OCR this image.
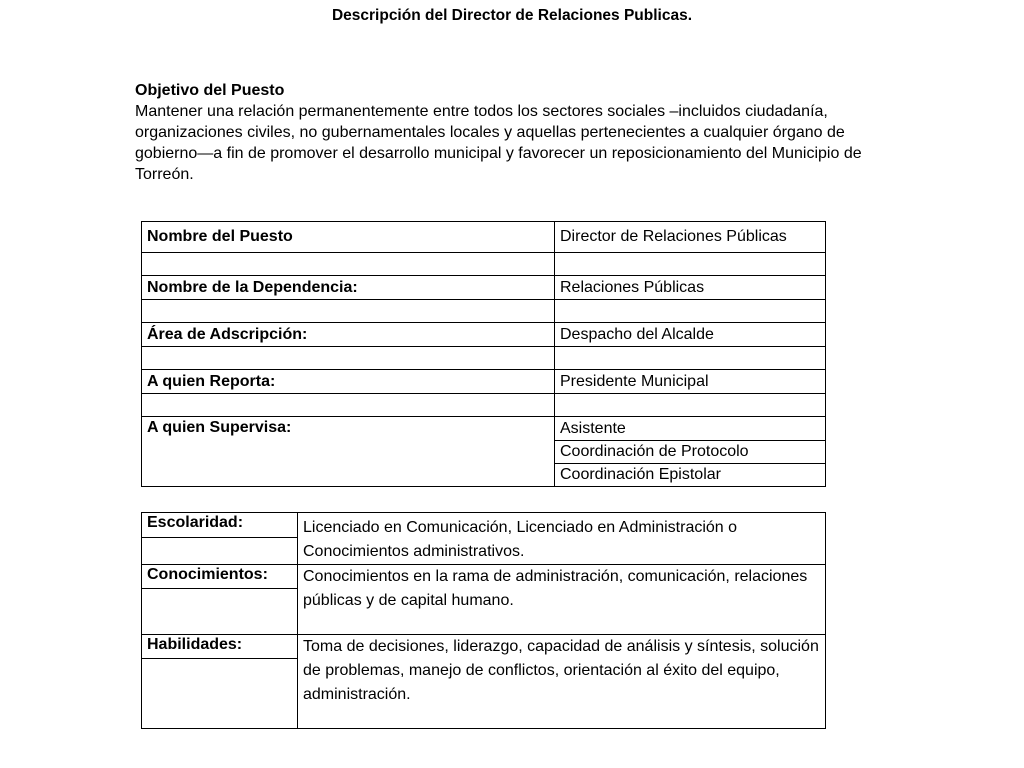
Descripción del Director de Relaciones Publicas.
Objetivo del Puesto
Mantener una relación permanentemente entre todos los sectores sociales –incluidos ciudadanía, organizaciones civiles, no gubernamentales locales y aquellas pertenecientes a cualquier órgano de gobierno—a fin de promover el desarrollo municipal y favorecer un reposicionamiento del Municipio de Torreón.
Nombre del Puesto	Director de Relaciones Públicas

Nombre de la Dependencia:	Relaciones Públicas

Área de Adscripción:	Despacho del Alcalde

A quien Reporta:	Presidente Municipal

A quien Supervisa:	Asistente
	Coordinación de Protocolo
	Coordinación Epistolar
Escolaridad:	Licenciado en Comunicación, Licenciado en Administración o Conocimientos administrativos.

Conocimientos:	Conocimientos en la rama de administración, comunicación, relaciones públicas y de capital humano.

Habilidades:	Toma de decisiones, liderazgo, capacidad de análisis y síntesis, solución de problemas, manejo de conflictos, orientación al éxito del equipo, administración.
